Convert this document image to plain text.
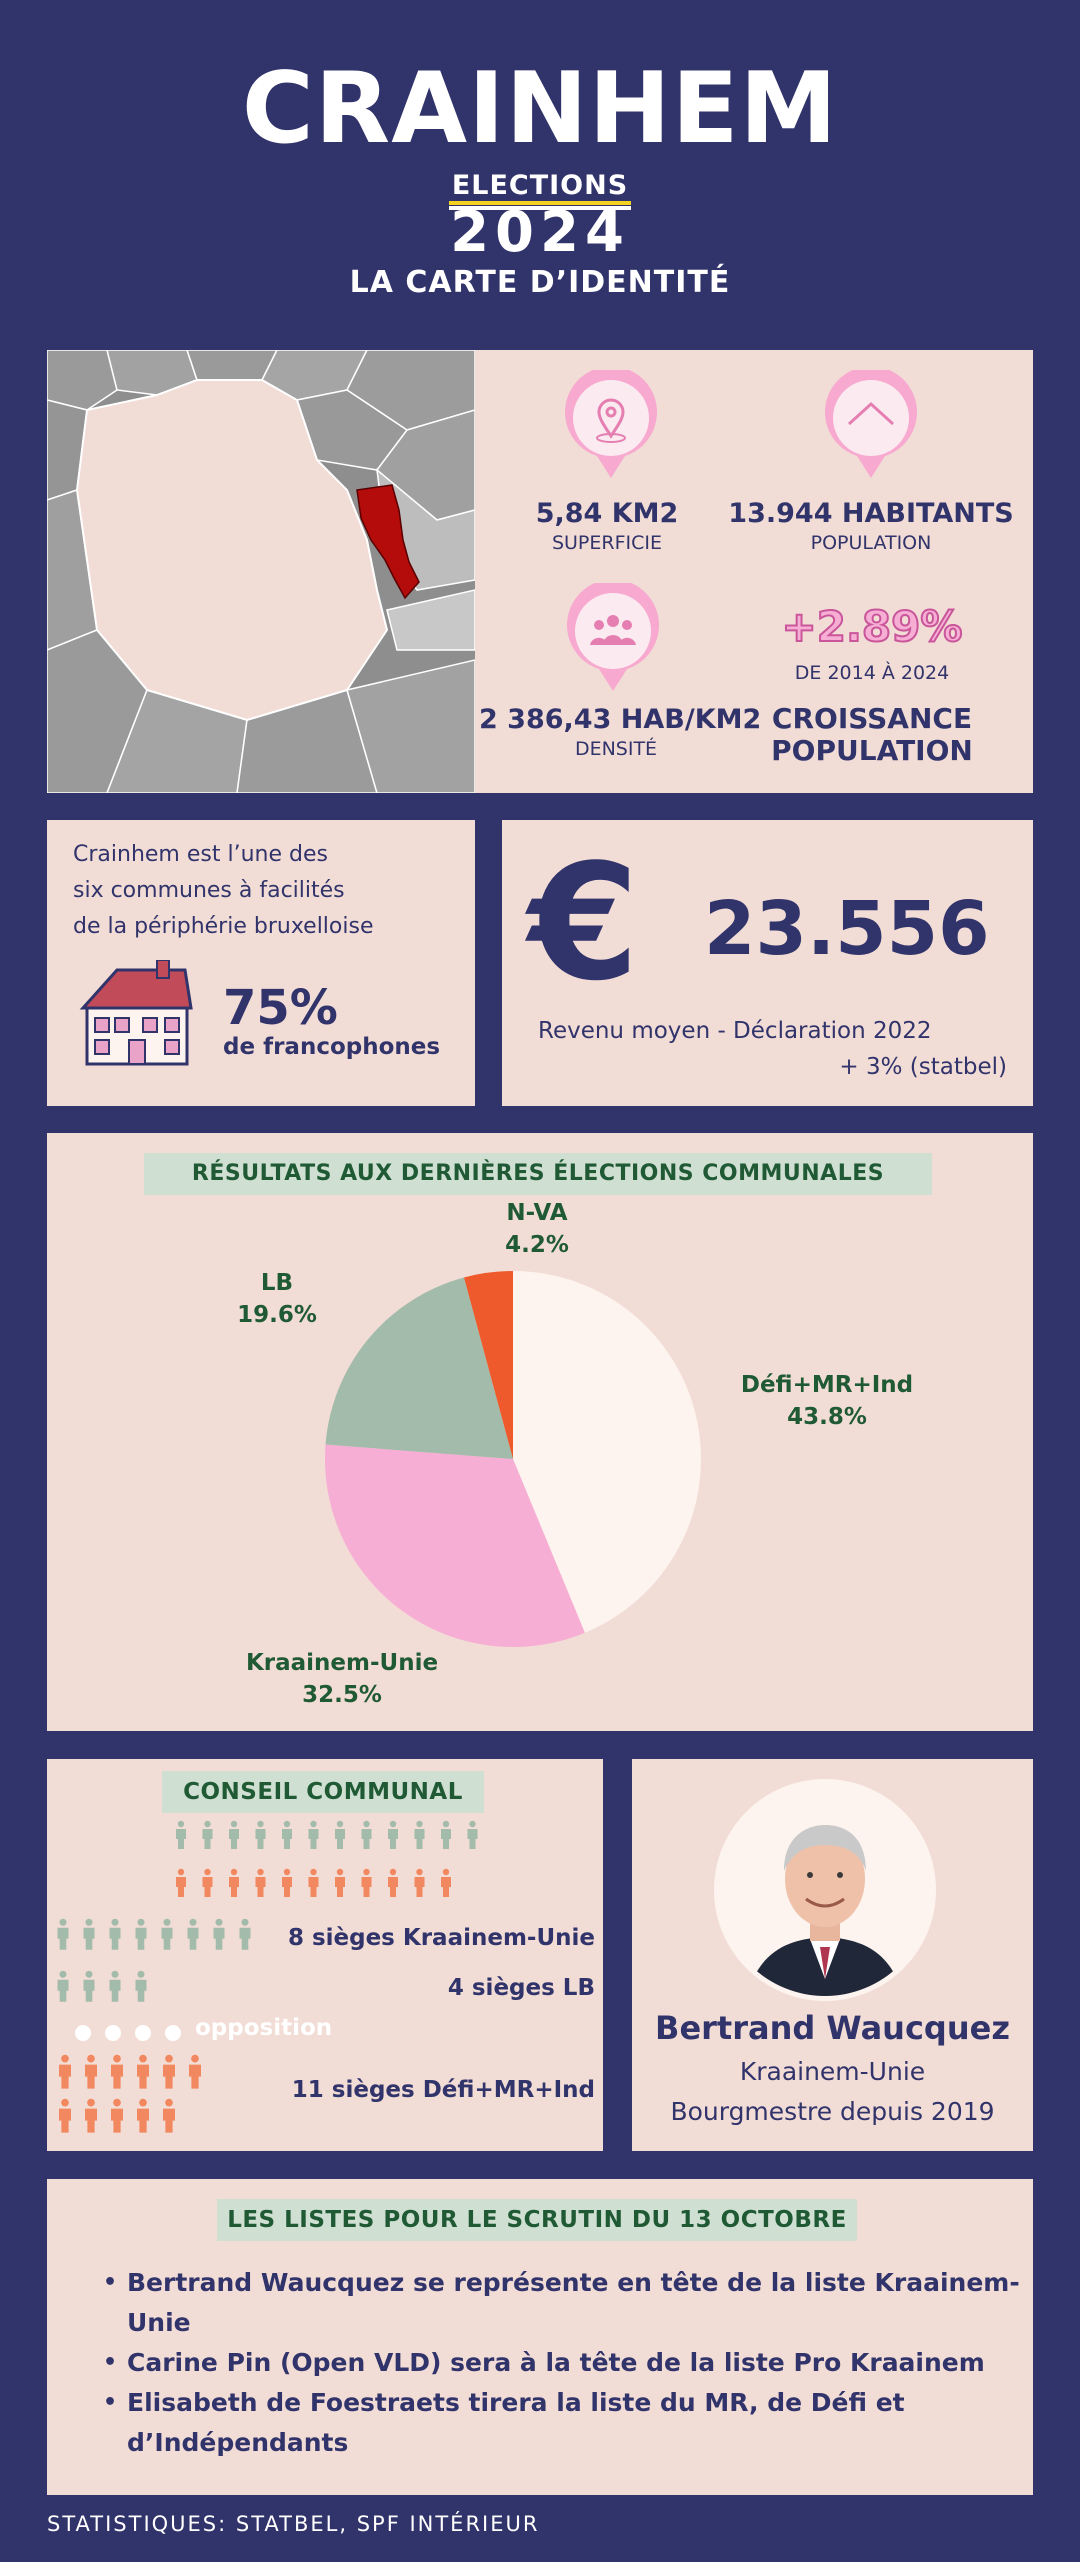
CRAINHEM
ELECTIONS
2024
LA CARTE D’IDENTITÉ
5,84 KM2
SUPERFICIE
13.944 HABITANTS
POPULATION
2 386,43 HAB/KM2
DENSITÉ
+2.89%
DE 2014 À 2024
CROISSANCE
POPULATION
Crainhem est l’une des
six communes à facilités
de la périphérie bruxelloise
75%
de francophones
€ 23.556
Revenu moyen - Déclaration 2022
+ 3% (statbel)
RÉSULTATS AUX DERNIÈRES ÉLECTIONS COMMUNALES
N-VA
4.2%
LB
19.6%
Défi+MR+Ind
43.8%
Kraainem-Unie
32.5%
CONSEIL COMMUNAL
8 sièges Kraainem-Unie
4 sièges LB
opposition
11 sièges Défi+MR+Ind
Bertrand Waucquez
Kraainem-Unie
Bourgmestre depuis 2019
LES LISTES POUR LE SCRUTIN DU 13 OCTOBRE
• Bertrand Waucquez se représente en tête de la liste Kraainem-Unie
• Carine Pin (Open VLD) sera à la tête de la liste Pro Kraainem
• Elisabeth de Foestraets tirera la liste du MR, de Défi et d’Indépendants
STATISTIQUES: STATBEL, SPF INTÉRIEUR
